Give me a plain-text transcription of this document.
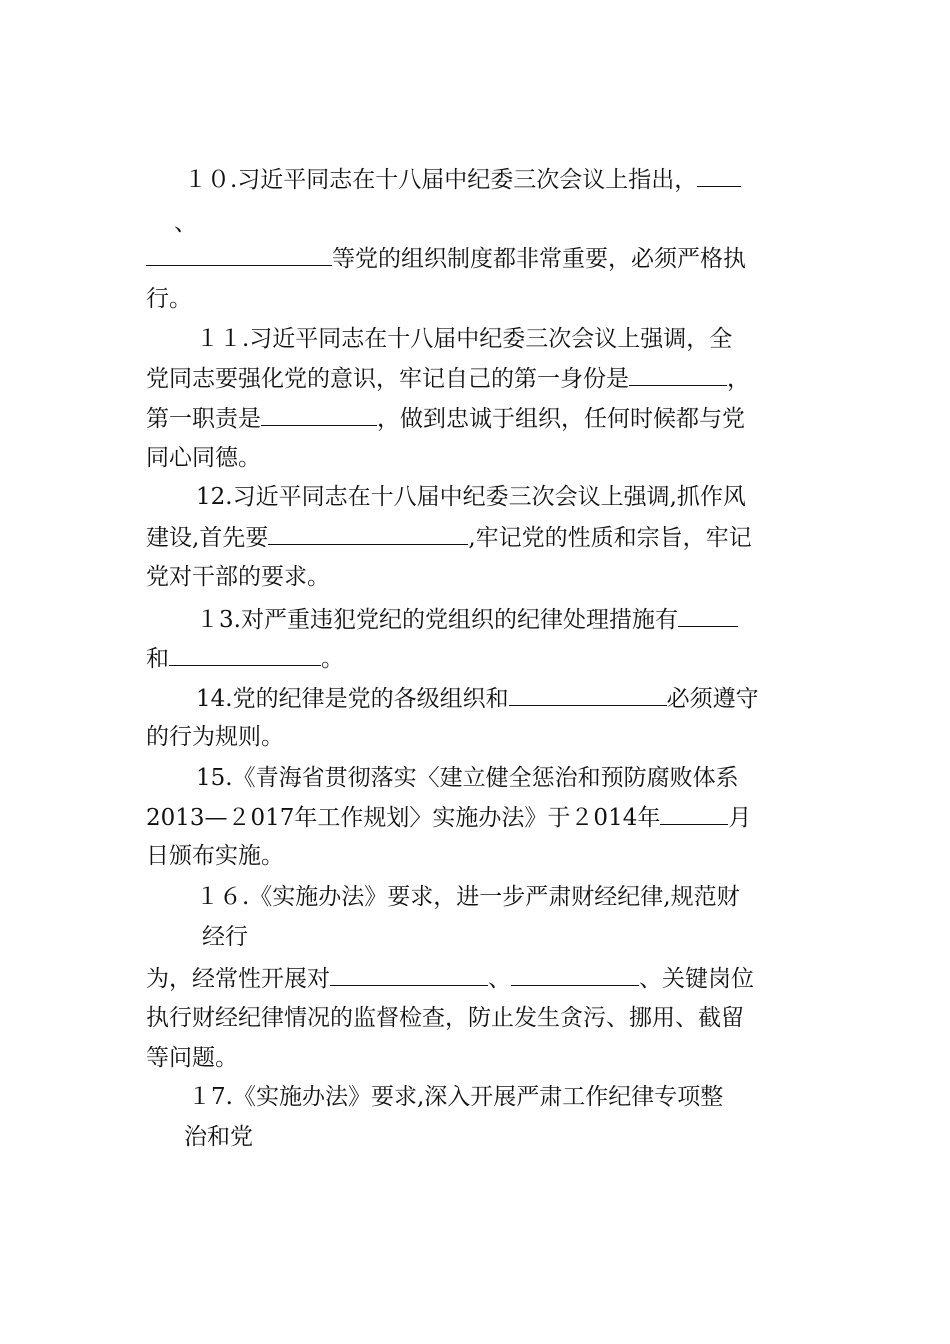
１０.习近平同志在十八届中纪委三次会议上指出，
、
等党的组织制度都非常重要，必须严格执
行。
１１.习近平同志在十八届中纪委三次会议上强调，全
党同志要强化党的意识，牢记自己的第一身份是	，
第一职责是	，做到忠诚于组织，任何时候都与党
同心同德。
12.习近平同志在十八届中纪委三次会议上强调,抓作风
建设,首先要	,牢记党的性质和宗旨，牢记
党对干部的要求。
１3.对严重违犯党纪的党组织的纪律处理措施有
和	。
14.党的纪律是党的各级组织和	必须遵守
的行为规则。
15.《青海省贯彻落实〈建立健全惩治和预防腐败体系
2013—２017年工作规划〉实施办法》于２014年	月
日颁布实施。
１６.《实施办法》要求，进一步严肃财经纪律,规范财
经行
为，经常性开展对	、	、关键岗位
执行财经纪律情况的监督检查，防止发生贪污、挪用、截留
等问题。
１7.《实施办法》要求,深入开展严肃工作纪律专项整
治和党
